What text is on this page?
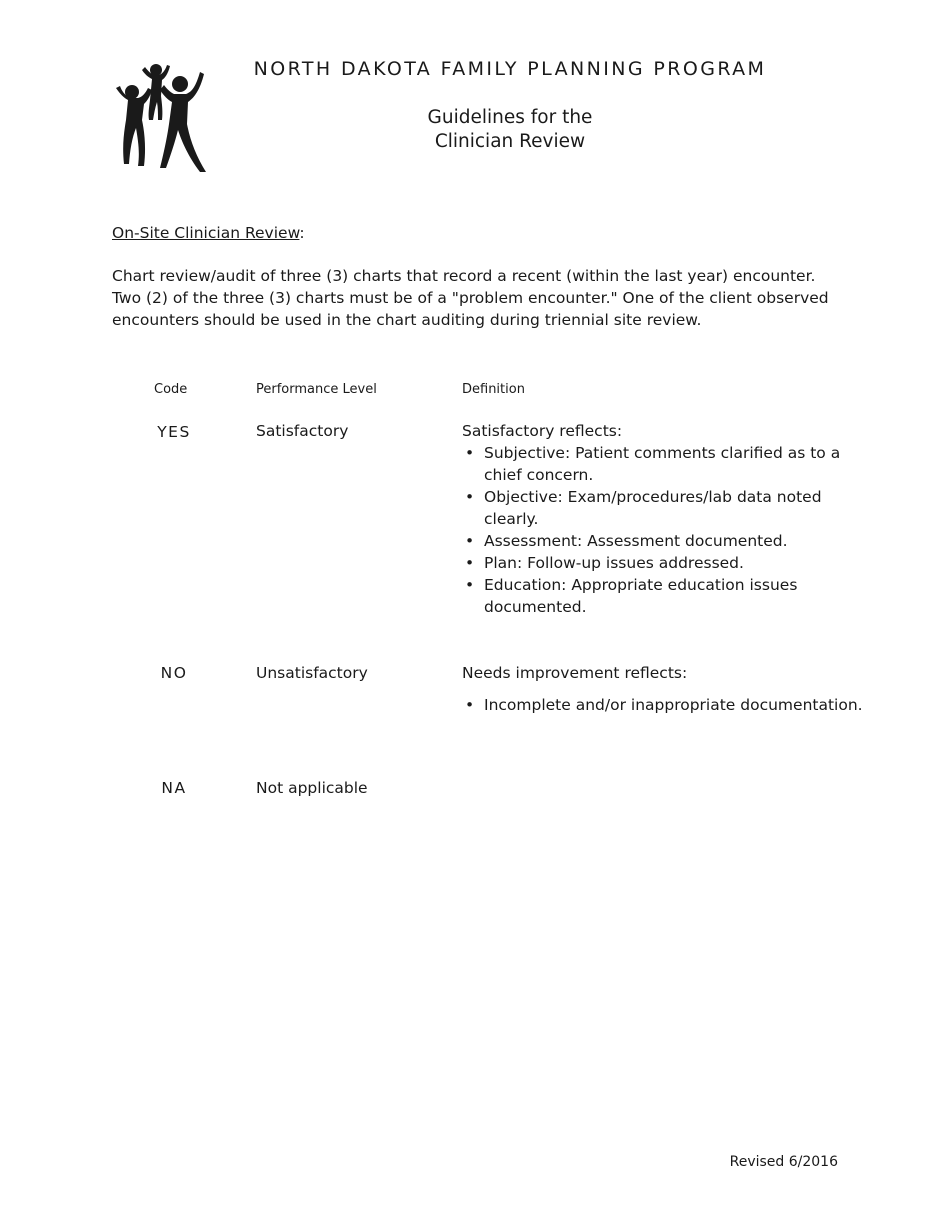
NORTH DAKOTA FAMILY PLANNING PROGRAM
Guidelines for the
Clinician Review
On-Site Clinician Review:
Chart review/audit of three (3) charts that record a recent (within the last year) encounter. Two (2) of the three (3) charts must be of a "problem encounter." One of the client observed encounters should be used in the chart auditing during triennial site review.
Code	Performance Level	Definition
YES	Satisfactory	Satisfactory reflects:
• Subjective: Patient comments clarified as to a chief concern.
• Objective: Exam/procedures/lab data noted clearly.
• Assessment: Assessment documented.
• Plan: Follow-up issues addressed.
• Education: Appropriate education issues documented.
NO	Unsatisfactory	Needs improvement reflects:
• Incomplete and/or inappropriate documentation.
NA	Not applicable
Revised 6/2016
